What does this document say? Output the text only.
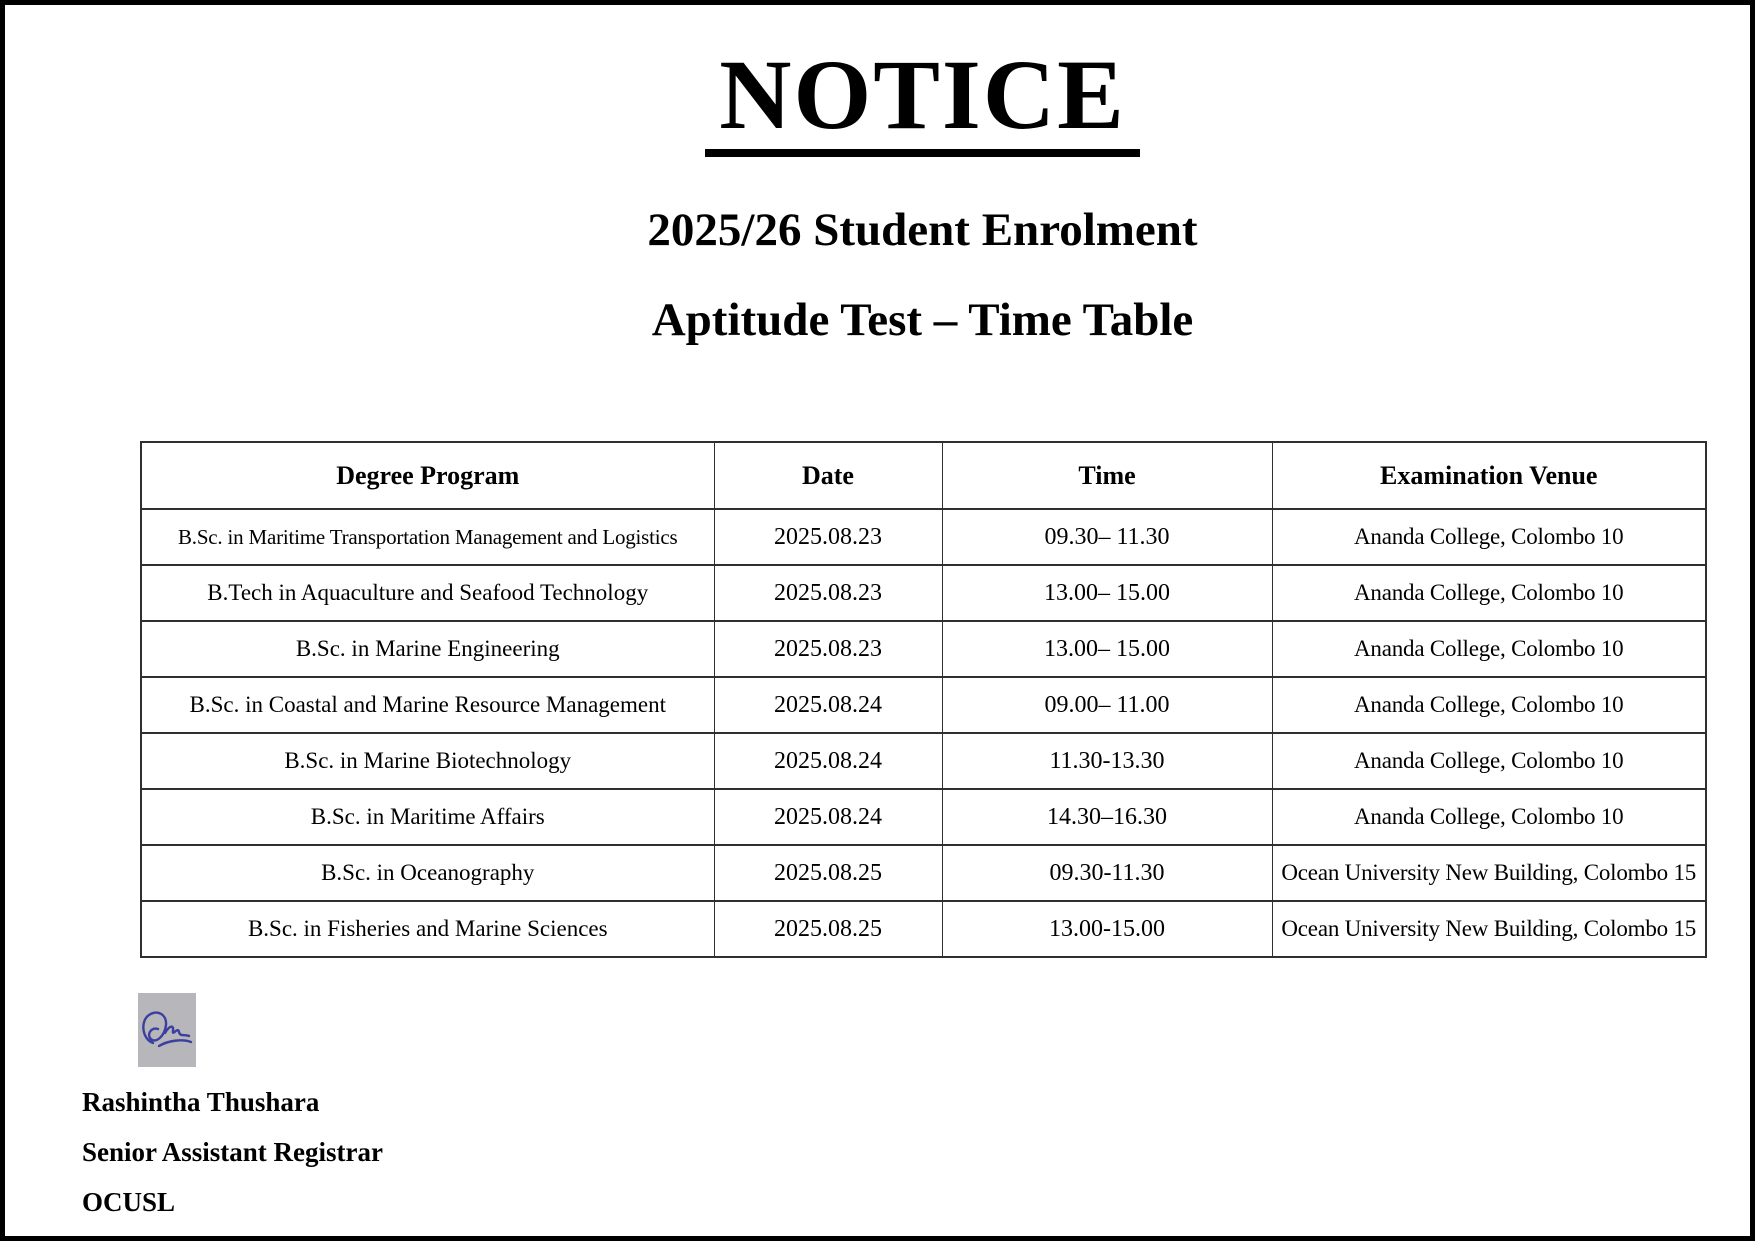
NOTICE
2025/26 Student Enrolment
Aptitude Test – Time Table
Degree Program	Date	Time	Examination Venue
B.Sc. in Maritime Transportation Management and Logistics	2025.08.23	09.30– 11.30	Ananda College, Colombo 10
B.Tech in Aquaculture and Seafood Technology	2025.08.23	13.00– 15.00	Ananda College, Colombo 10
B.Sc. in Marine Engineering	2025.08.23	13.00– 15.00	Ananda College, Colombo 10
B.Sc. in Coastal and Marine Resource Management	2025.08.24	09.00– 11.00	Ananda College, Colombo 10
B.Sc. in Marine Biotechnology	2025.08.24	11.30-13.30	Ananda College, Colombo 10
B.Sc. in Maritime Affairs	2025.08.24	14.30–16.30	Ananda College, Colombo 10
B.Sc. in Oceanography	2025.08.25	09.30-11.30	Ocean University New Building, Colombo 15
B.Sc. in Fisheries and Marine Sciences	2025.08.25	13.00-15.00	Ocean University New Building, Colombo 15
Rashintha Thushara
Senior Assistant Registrar
OCUSL
